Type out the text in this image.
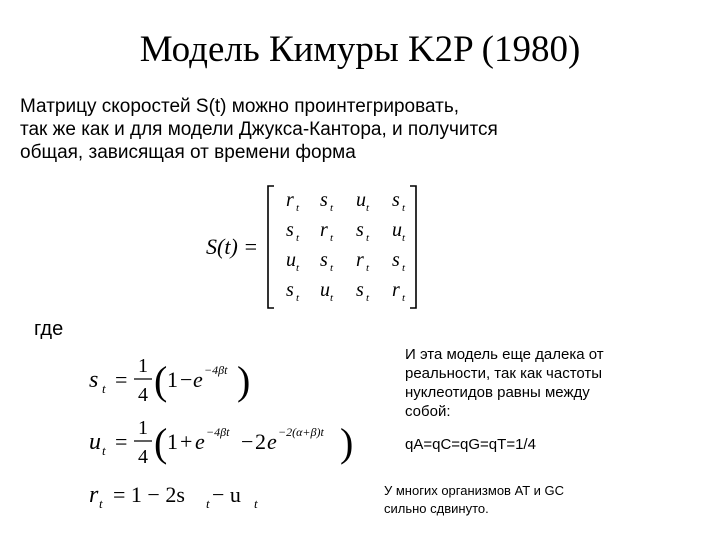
Модель Кимуры K2P (1980)
Матрицу скоростей S(t) можно проинтегрировать,
так же как и для модели Джукса-Кантора, и получится
общая, зависящая от времени форма
S(t) =
r t s t u t s t
s t r t s t u t
u t s t r t s t
s t u t s t r t
где
s t =
1
4 ( 1 − e −4βt )
u t =
1
4 ( 1 + e −4βt − 2 e −2(α+β)t )
r t = 1 − 2s t − u t
И эта модель еще далека от
реальности, так как частоты
нуклеотидов равны между
собой:
qA=qC=qG=qT=1/4
У многих организмов AT и GC
сильно сдвинуто.
